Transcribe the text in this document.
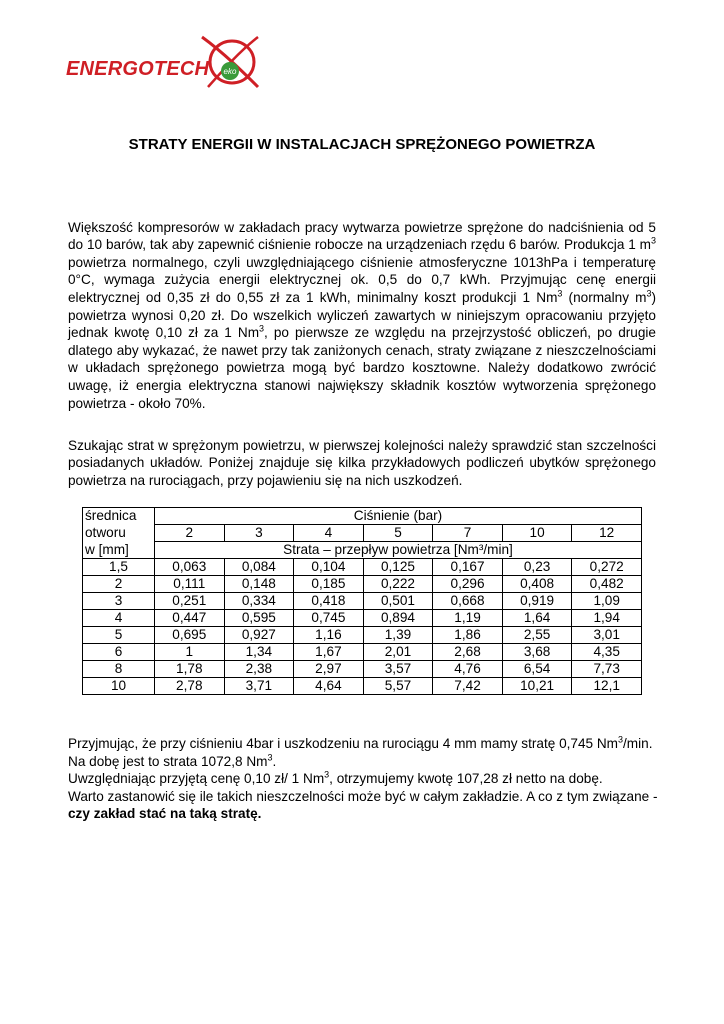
ENERGOTECH eko
STRATY ENERGII W INSTALACJACH SPRĘŻONEGO POWIETRZA

Większość kompresorów w zakładach pracy wytwarza powietrze sprężone do nadciśnienia od 5 do 10 barów, tak aby zapewnić ciśnienie robocze na urządzeniach rzędu 6 barów. Produkcja 1 $m^3$ powietrza normalnego, czyli uwzględniającego ciśnienie atmosferyczne 1013hPa i temperaturę 0°C, wymaga zużycia energii elektrycznej ok. 0,5 do 0,7 kWh. Przyjmując cenę energii elektrycznej od 0,35 zł do 0,55 zł za 1 kWh, minimalny koszt produkcji 1 Nm$^3$ (normalny $m^3$) powietrza wynosi 0,20 zł. Do wszelkich wyliczeń zawartych w niniejszym opracowaniu przyjęto jednak kwotę 0,10 zł za 1 Nm$^3$, po pierwsze ze względu na przejrzystość obliczeń, po drugie dlatego aby wykazać, że nawet przy tak zaniżonych cenach, straty związane z nieszczelnościami w układach sprężonego powietrza mogą być bardzo kosztowne. Należy dodatkowo zwrócić uwagę, iż energia elektryczna stanowi największy składnik kosztów wytworzenia sprężonego powietrza - około 70%.

Szukając strat w sprężonym powietrzu, w pierwszej kolejności należy sprawdzić stan szczelności posiadanych układów. Poniżej znajduje się kilka przykładowych podliczeń ubytków sprężonego powietrza na rurociągach, przy pojawieniu się na nich uszkodzeń.

średnica	Ciśnienie (bar)						
otworu	2	3	4	5	7	10	12
w [mm]	Strata – przepływ powietrza [Nm³/min]						
1,5	0,063	0,084	0,104	0,125	0,167	0,23	0,272
2	0,111	0,148	0,185	0,222	0,296	0,408	0,482
3	0,251	0,334	0,418	0,501	0,668	0,919	1,09
4	0,447	0,595	0,745	0,894	1,19	1,64	1,94
5	0,695	0,927	1,16	1,39	1,86	2,55	3,01
6	1	1,34	1,67	2,01	2,68	3,68	4,35
8	1,78	2,38	2,97	3,57	4,76	6,54	7,73
10	2,78	3,71	4,64	5,57	7,42	10,21	12,1
Przyjmując, że przy ciśnieniu 4bar i uszkodzeniu na rurociągu 4 mm mamy stratę 0,745 Nm$^3$/min. Na dobę jest to strata 1072,8 Nm$^3$.
Uwzględniając przyjętą cenę 0,10 zł/ 1 Nm$^3$, otrzymujemy kwotę 107,28 zł netto na dobę.
Warto zastanowić się ile takich nieszczelności może być w całym zakładzie. A co z tym związane - czy zakład stać na taką stratę.
